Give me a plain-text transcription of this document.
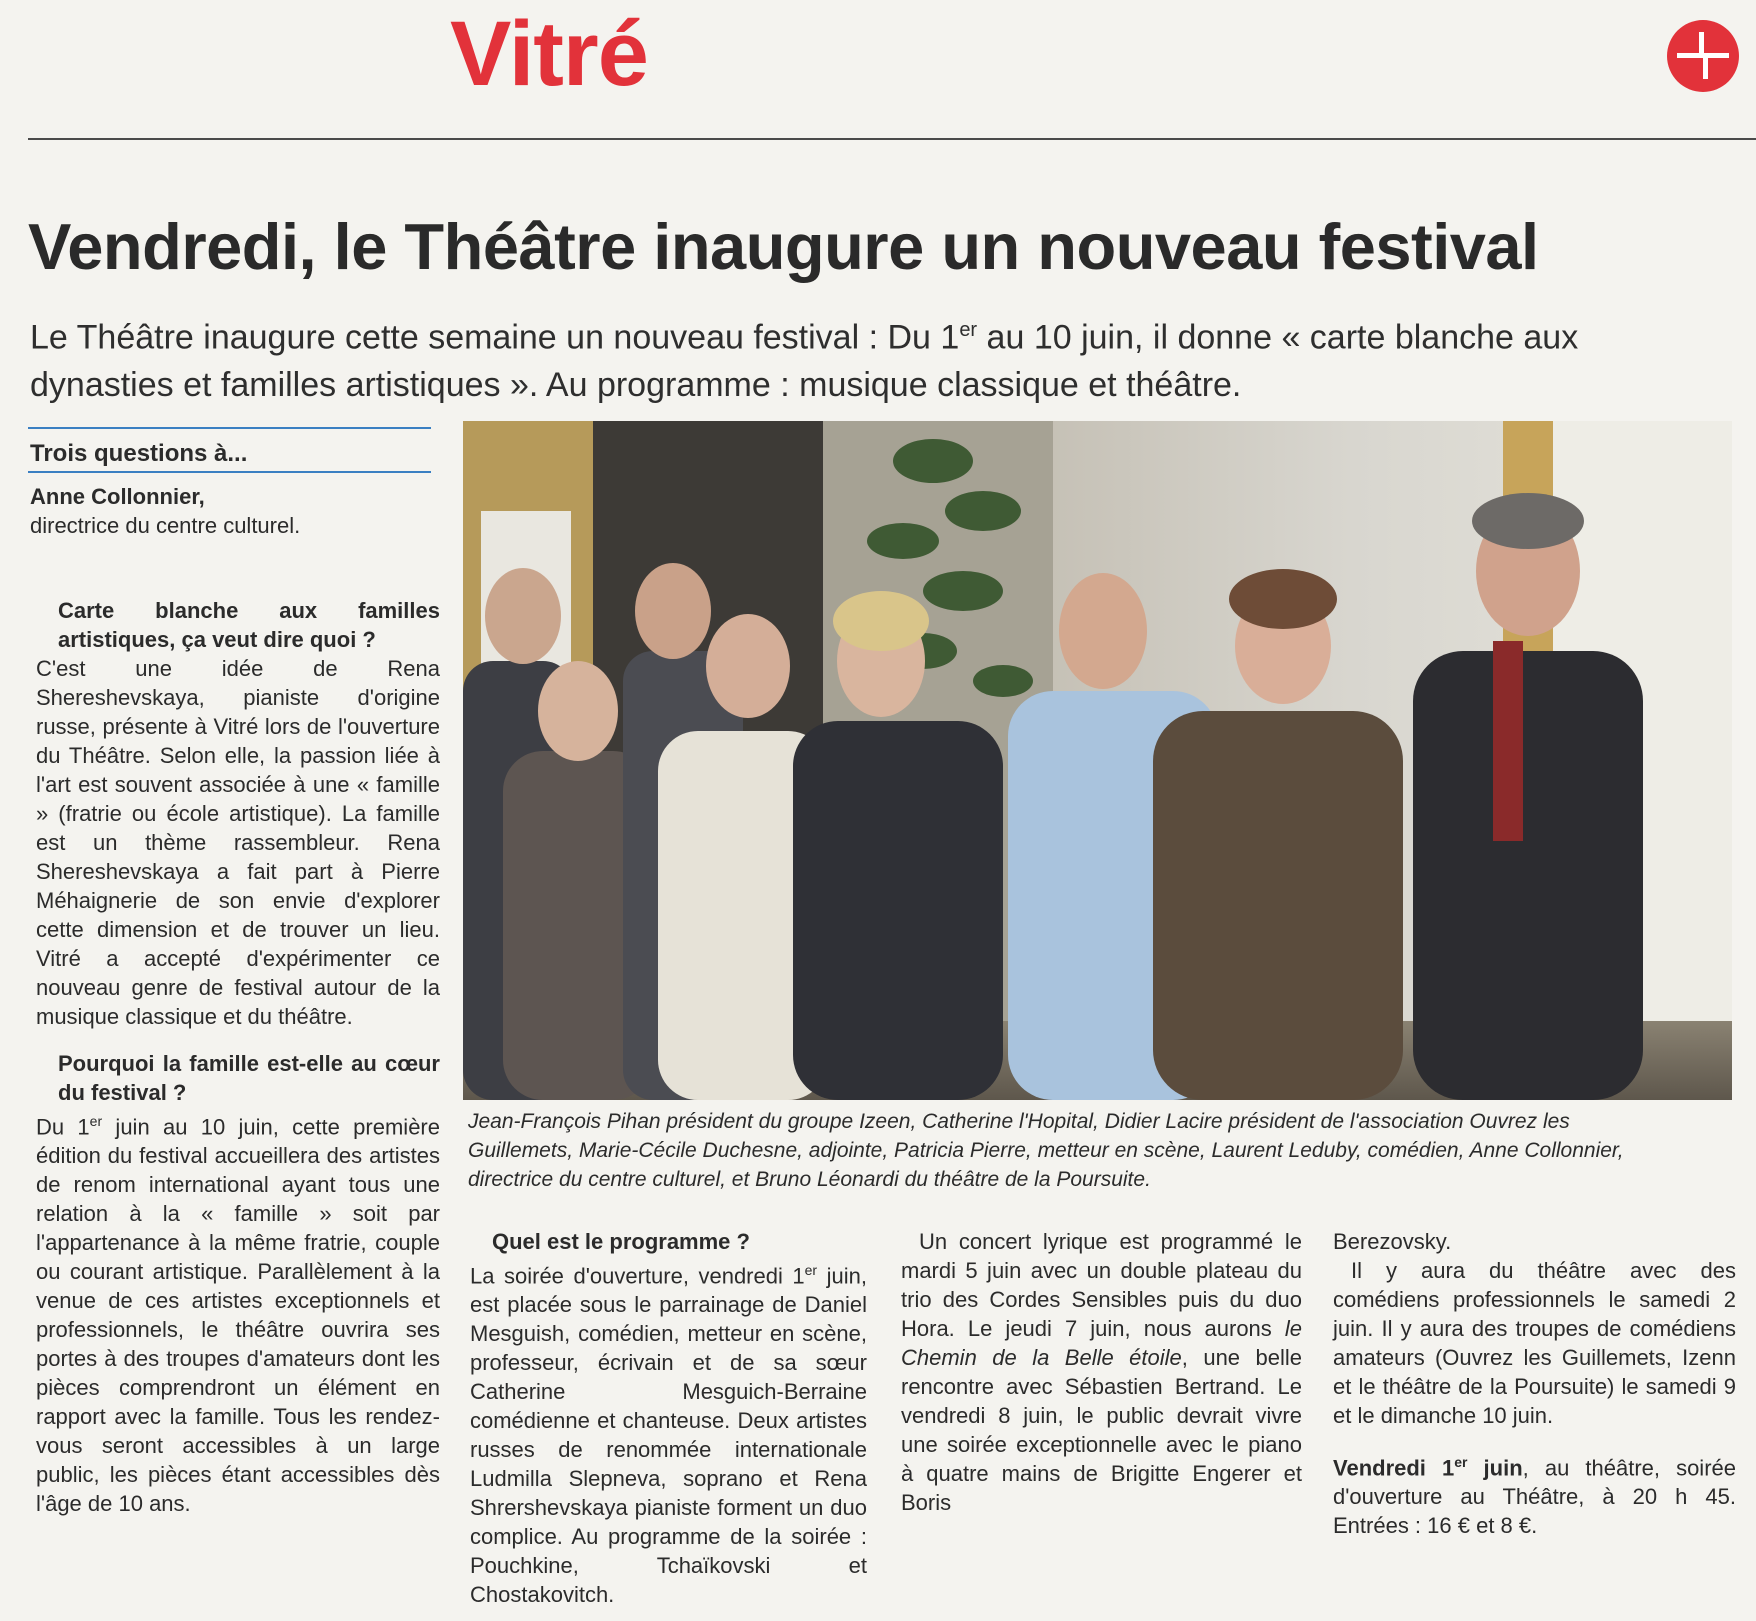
Vitré
Vendredi, le Théâtre inaugure un nouveau festival
Le Théâtre inaugure cette semaine un nouveau festival : Du 1er au 10 juin, il donne « carte blanche aux dynasties et familles artistiques ». Au programme : musique classique et théâtre.
Trois questions à...
Anne Collonnier,
directrice du centre culturel.

Carte blanche aux familles artistiques, ça veut dire quoi ?

C'est une idée de Rena Shereshevskaya, pianiste d'origine russe, présente à Vitré lors de l'ouverture du Théâtre. Selon elle, la passion liée à l'art est souvent associée à une « famille » (fratrie ou école artistique). La famille est un thème rassembleur. Rena Shereshevskaya a fait part à Pierre Méhaignerie de son envie d'explorer cette dimension et de trouver un lieu. Vitré a accepté d'expérimenter ce nouveau genre de festival autour de la musique classique et du théâtre.

Pourquoi la famille est-elle au cœur du festival ?

Du 1er juin au 10 juin, cette première édition du festival accueillera des artistes de renom international ayant tous une relation à la « famille » soit par l'appartenance à la même fratrie, couple ou courant artistique. Parallèlement à la venue de ces artistes exceptionnels et professionnels, le théâtre ouvrira ses portes à des troupes d'amateurs dont les pièces comprendront un élément en rapport avec la famille. Tous les rendez-vous seront accessibles à un large public, les pièces étant accessibles dès l'âge de 10 ans.

Jean-François Pihan président du groupe Izeen, Catherine l'Hopital, Didier Lacire président de l'association Ouvrez les Guillemets, Marie-Cécile Duchesne, adjointe, Patricia Pierre, metteur en scène, Laurent Leduby, comédien, Anne Collonnier, directrice du centre culturel, et Bruno Léonardi du théâtre de la Poursuite.

Quel est le programme ?

La soirée d'ouverture, vendredi 1er juin, est placée sous le parrainage de Daniel Mesguish, comédien, metteur en scène, professeur, écrivain et de sa sœur Catherine Mesguich-Berraine comédienne et chanteuse. Deux artistes russes de renommée internationale Ludmilla Slepneva, soprano et Rena Shrershevskaya pianiste forment un duo complice. Au programme de la soirée : Pouchkine, Tchaïkovski et Chostakovitch.

Un concert lyrique est programmé le mardi 5 juin avec un double plateau du trio des Cordes Sensibles puis du duo Hora. Le jeudi 7 juin, nous aurons le Chemin de la Belle étoile, une belle rencontre avec Sébastien Bertrand. Le vendredi 8 juin, le public devrait vivre une soirée exceptionnelle avec le piano à quatre mains de Brigitte Engerer et Boris

Berezovsky.

Il y aura du théâtre avec des comédiens professionnels le samedi 2 juin. Il y aura des troupes de comédiens amateurs (Ouvrez les Guillemets, Izenn et le théâtre de la Poursuite) le samedi 9 et le dimanche 10 juin.

Vendredi 1er juin, au théâtre, soirée d'ouverture au Théâtre, à 20 h 45. Entrées : 16 € et 8 €.
